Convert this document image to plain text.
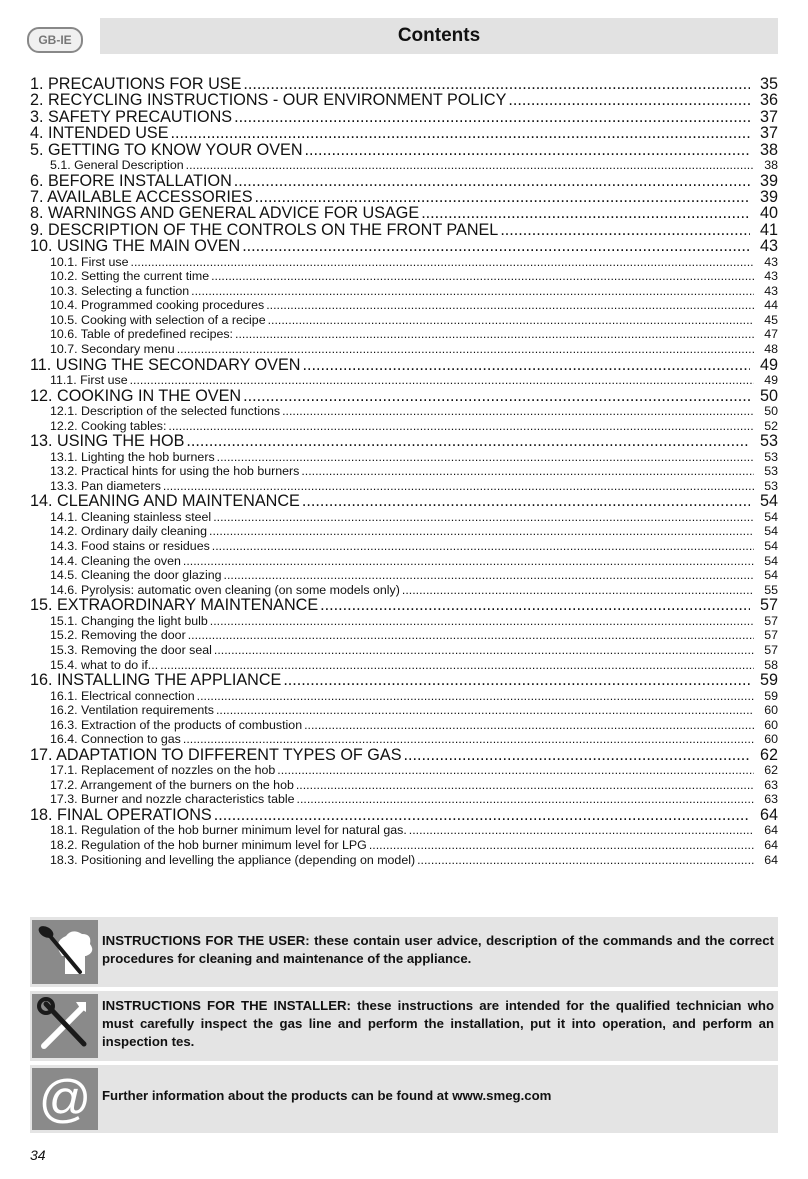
GB-IE	Contents
1. PRECAUTIONS FOR USE .....	35
2. RECYCLING INSTRUCTIONS - OUR ENVIRONMENT POLICY .....	36
3. SAFETY PRECAUTIONS .....	37
4. INTENDED USE .....	37
5. GETTING TO KNOW YOUR OVEN .....	38
5.1. General Description .....	38
6. BEFORE INSTALLATION .....	39
7. AVAILABLE ACCESSORIES .....	39
8. WARNINGS AND GENERAL ADVICE FOR USAGE .....	40
9. DESCRIPTION OF THE CONTROLS ON THE FRONT PANEL .....	41
10. USING THE MAIN OVEN .....	43
10.1. First use .....	43
10.2. Setting the current time .....	43
10.3. Selecting a function .....	43
10.4. Programmed cooking procedures .....	44
10.5. Cooking with selection of a recipe .....	45
10.6. Table of predefined recipes: .....	47
10.7. Secondary menu .....	48
11. USING THE SECONDARY OVEN .....	49
11.1. First use .....	49
12. COOKING IN THE OVEN .....	50
12.1. Description of the selected functions .....	50
12.2. Cooking tables: .....	52
13. USING THE HOB .....	53
13.1. Lighting the hob burners .....	53
13.2. Practical hints for using the hob burners .....	53
13.3. Pan diameters .....	53
14. CLEANING AND MAINTENANCE .....	54
14.1. Cleaning stainless steel .....	54
14.2. Ordinary daily cleaning .....	54
14.3. Food stains or residues .....	54
14.4. Cleaning the oven .....	54
14.5. Cleaning the door glazing .....	54
14.6. Pyrolysis: automatic oven cleaning (on some models only) .....	55
15. EXTRAORDINARY MAINTENANCE .....	57
15.1. Changing the light bulb .....	57
15.2. Removing the door .....	57
15.3. Removing the door seal .....	57
15.4. what to do if... .....	58
16. INSTALLING THE APPLIANCE .....	59
16.1. Electrical connection .....	59
16.2. Ventilation requirements .....	60
16.3. Extraction of the products of combustion .....	60
16.4. Connection to gas .....	60
17. ADAPTATION TO DIFFERENT TYPES OF GAS .....	62
17.1. Replacement of nozzles on the hob .....	62
17.2. Arrangement of the burners on the hob .....	63
17.3. Burner and nozzle characteristics table .....	63
18. FINAL OPERATIONS .....	64
18.1. Regulation of the hob burner minimum level for natural gas. .....	64
18.2. Regulation of the hob burner minimum level for LPG .....	64
18.3. Positioning and levelling the appliance (depending on model) .....	64
INSTRUCTIONS FOR THE USER: these contain user advice, description of the commands and the correct procedures for cleaning and maintenance of the appliance.
INSTRUCTIONS FOR THE INSTALLER: these instructions are intended for the qualified technician who must carefully inspect the gas line and perform the installation, put it into operation, and perform an inspection tes.
@ Further information about the products can be found at www.smeg.com
34
